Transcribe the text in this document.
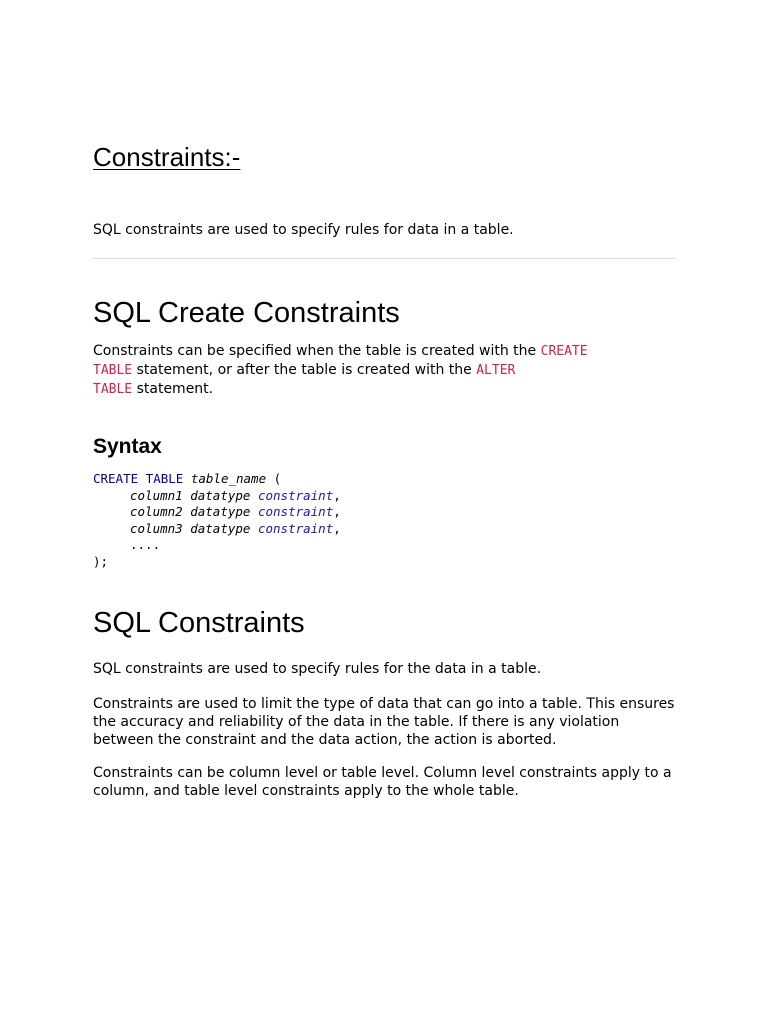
Constraints:-
SQL constraints are used to specify rules for data in a table.
SQL Create Constraints
Constraints can be specified when the table is created with the CREATE
TABLE statement, or after the table is created with the ALTER
TABLE statement.
Syntax
CREATE TABLE table_name (
column1 datatype constraint,
column2 datatype constraint,
column3 datatype constraint,
....
);
SQL Constraints
SQL constraints are used to specify rules for the data in a table.
Constraints are used to limit the type of data that can go into a table. This ensures the accuracy and reliability of the data in the table. If there is any violation between the constraint and the data action, the action is aborted.
Constraints can be column level or table level. Column level constraints apply to a column, and table level constraints apply to the whole table.
